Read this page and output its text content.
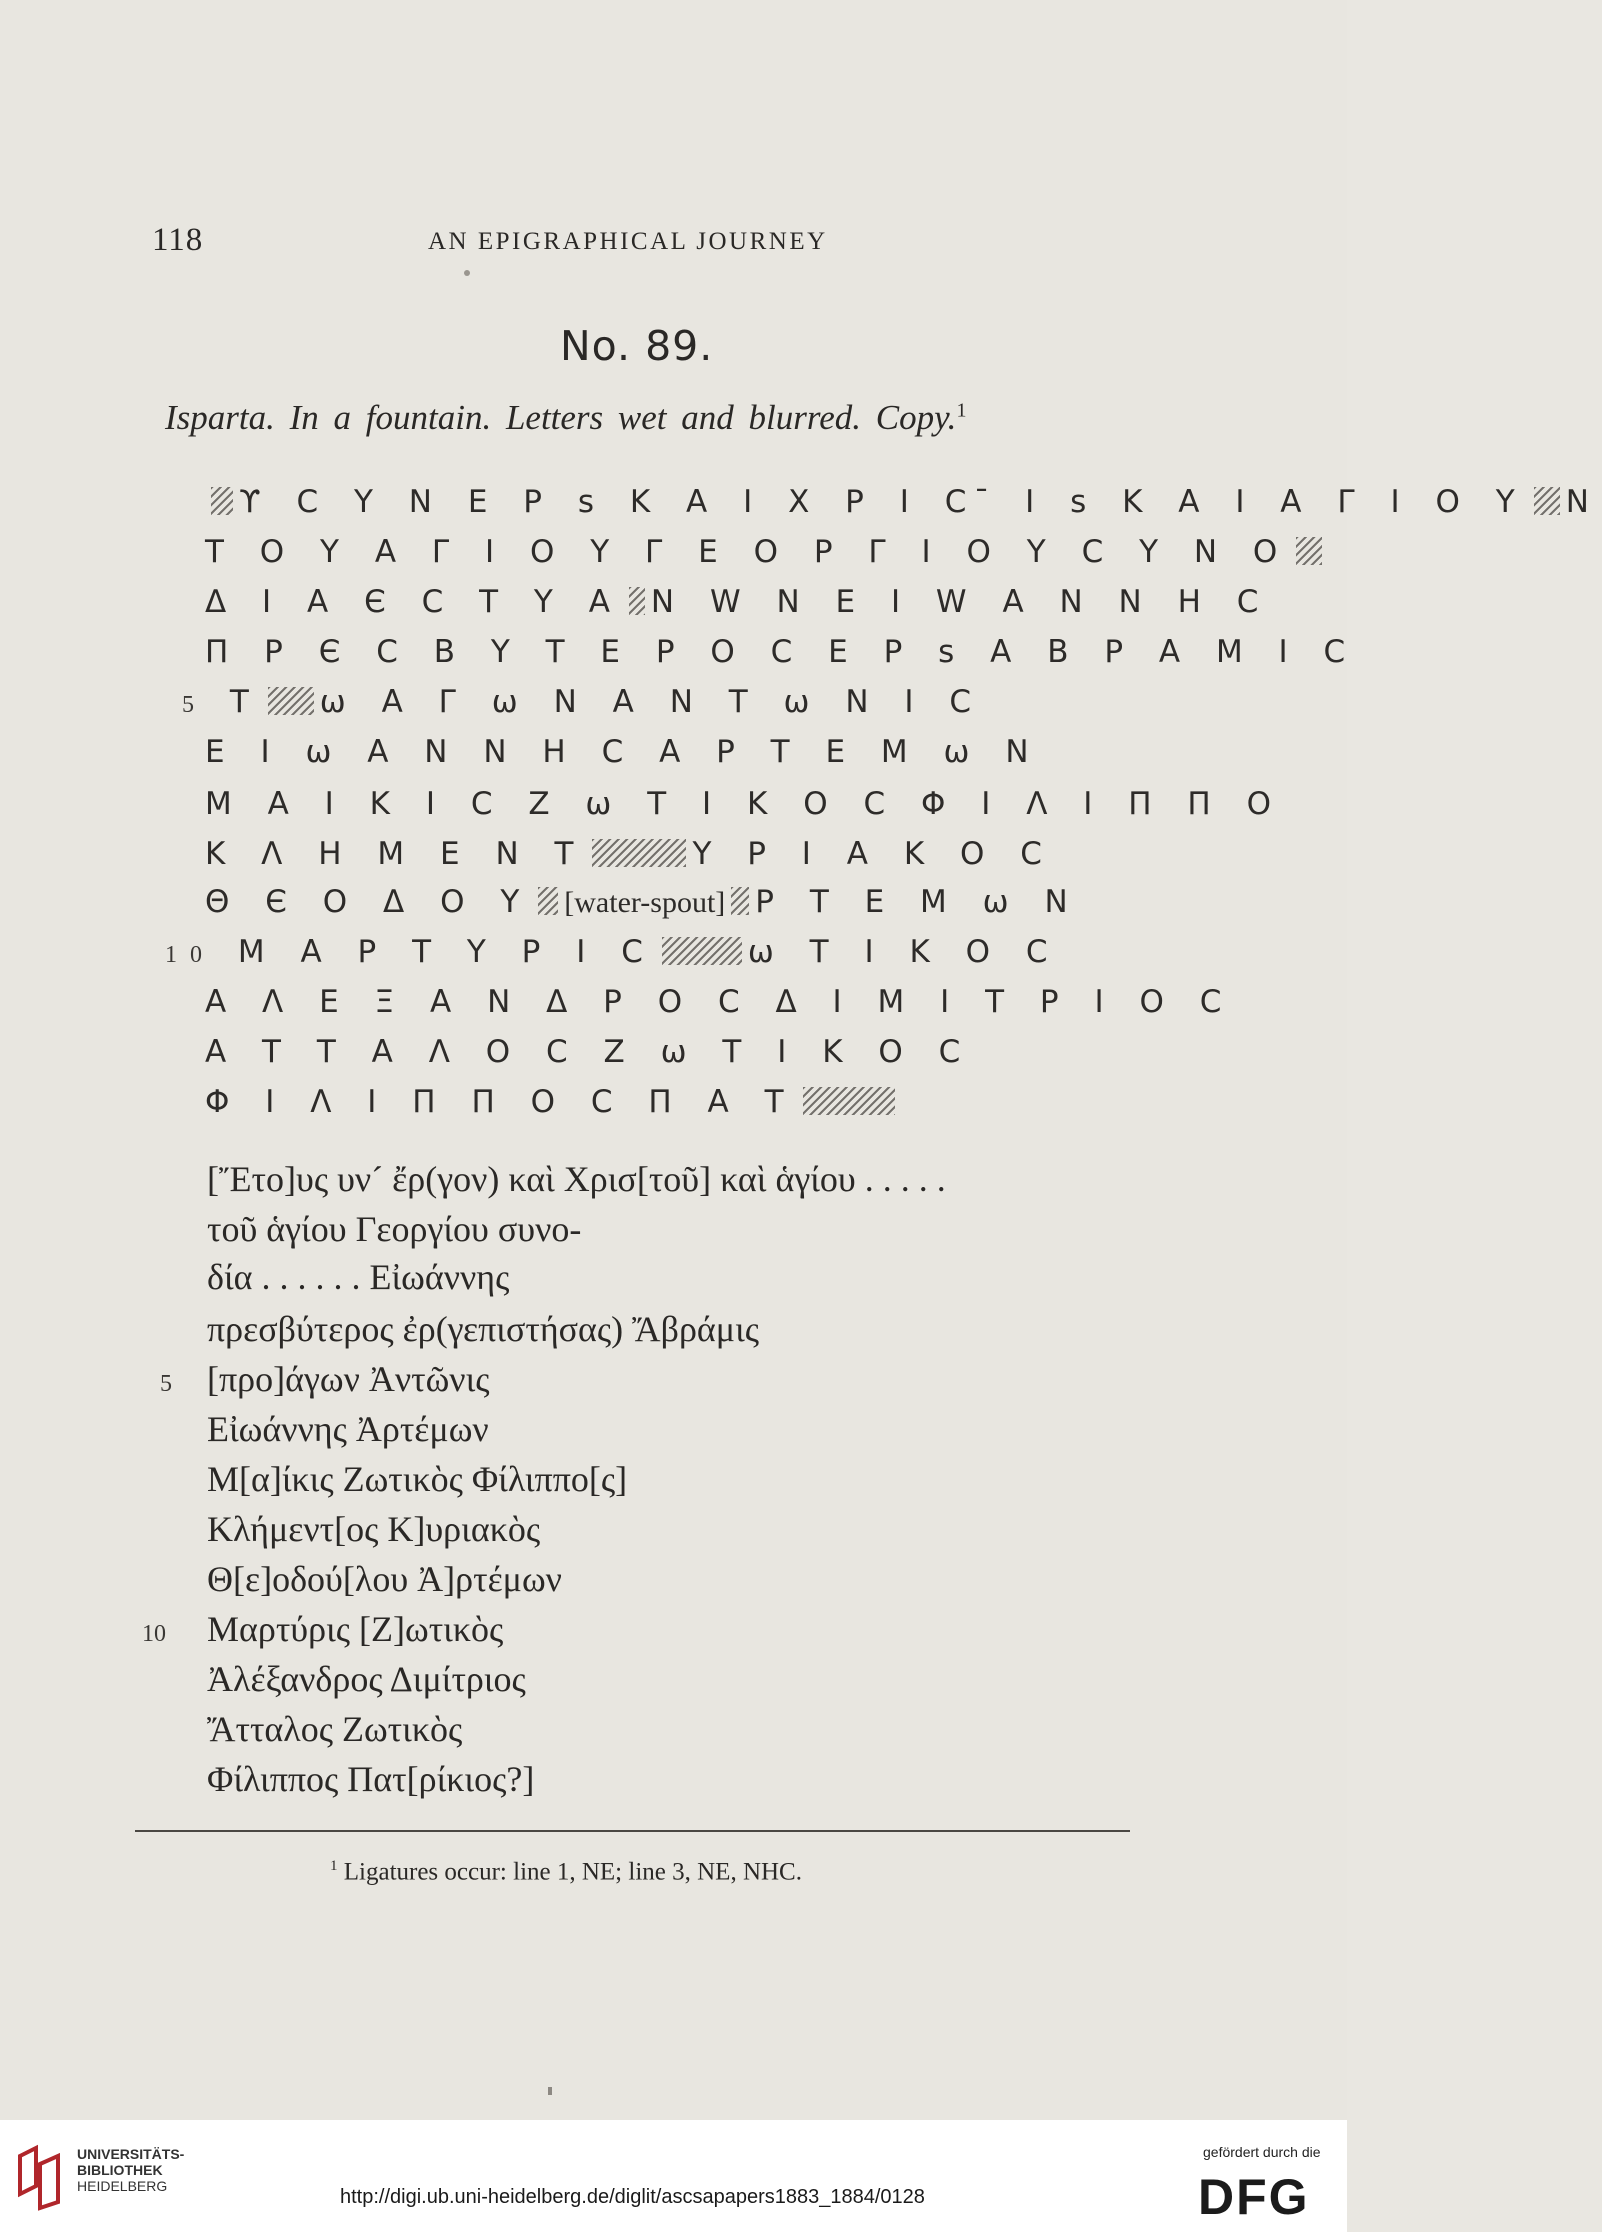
118	AN EPIGRAPHICAL JOURNEY
No. 89.
Isparta. In a fountain. Letters wet and blurred. Copy.$^1$
ϒ C Y N E P s K A I X P I C ̄ I s K A I A Γ I O Y N
T O Y A Γ I O Y Γ E O P Γ I O Y C Y N O
Δ I A Є C T Y A N W N E I W A N N H C
Π P Є C B Y T E P O C E P s A B P A M I C
5 T ω A Γ ω N A N T ω N I C
E I ω A N N H C A P T E M ω N
M A I K I C Z ω T I K O C Φ I Λ I Π Π O
K Λ H M E N T	Y P I A K O C
Θ Є O Δ O Y [water-spout] P T E M ω N
10 M A P T Y P I C	ω T I K O C
A Λ E Ξ A N Δ P O C Δ I M I T P I O C
A T T A Λ O C Z ω T I K O C
Φ I Λ I Π Π O C Π A T
[Ἔτο]υς υν´ ἔρ(γον) καὶ Χρισ[τοῦ] καὶ ἁγίου . . . . .
τοῦ ἁγίου Γεοργίου συνο-
δία . . . . . . Εἰωάννης
πρεσβύτερος ἐρ(γεπιστήσας) Ἄβράμις
5 [προ]άγων Ἀντῶνις
Εἰωάννης Ἀρτέμων
Μ[α]ίκις Ζωτικὸς Φίλιππο[ς]
Κλήμεντ[ος Κ]υριακὸς
Θ[ε]οδού[λου Ἀ]ρτέμων
10 Μαρτύρις [Ζ]ωτικὸς
Ἀλέξανδρος Διμίτριος
Ἄτταλος Ζωτικὸς
Φίλιππος Πατ[ρίκιος?]
$^1$ Ligatures occur: line 1, NE; line 3, NE, NHC.
UNIVERSITÄTS-
BIBLIOTHEK
HEIDELBERG	http://digi.ub.uni-heidelberg.de/diglit/ascsapapers1883_1884/0128
gefördert durch die
DFG
